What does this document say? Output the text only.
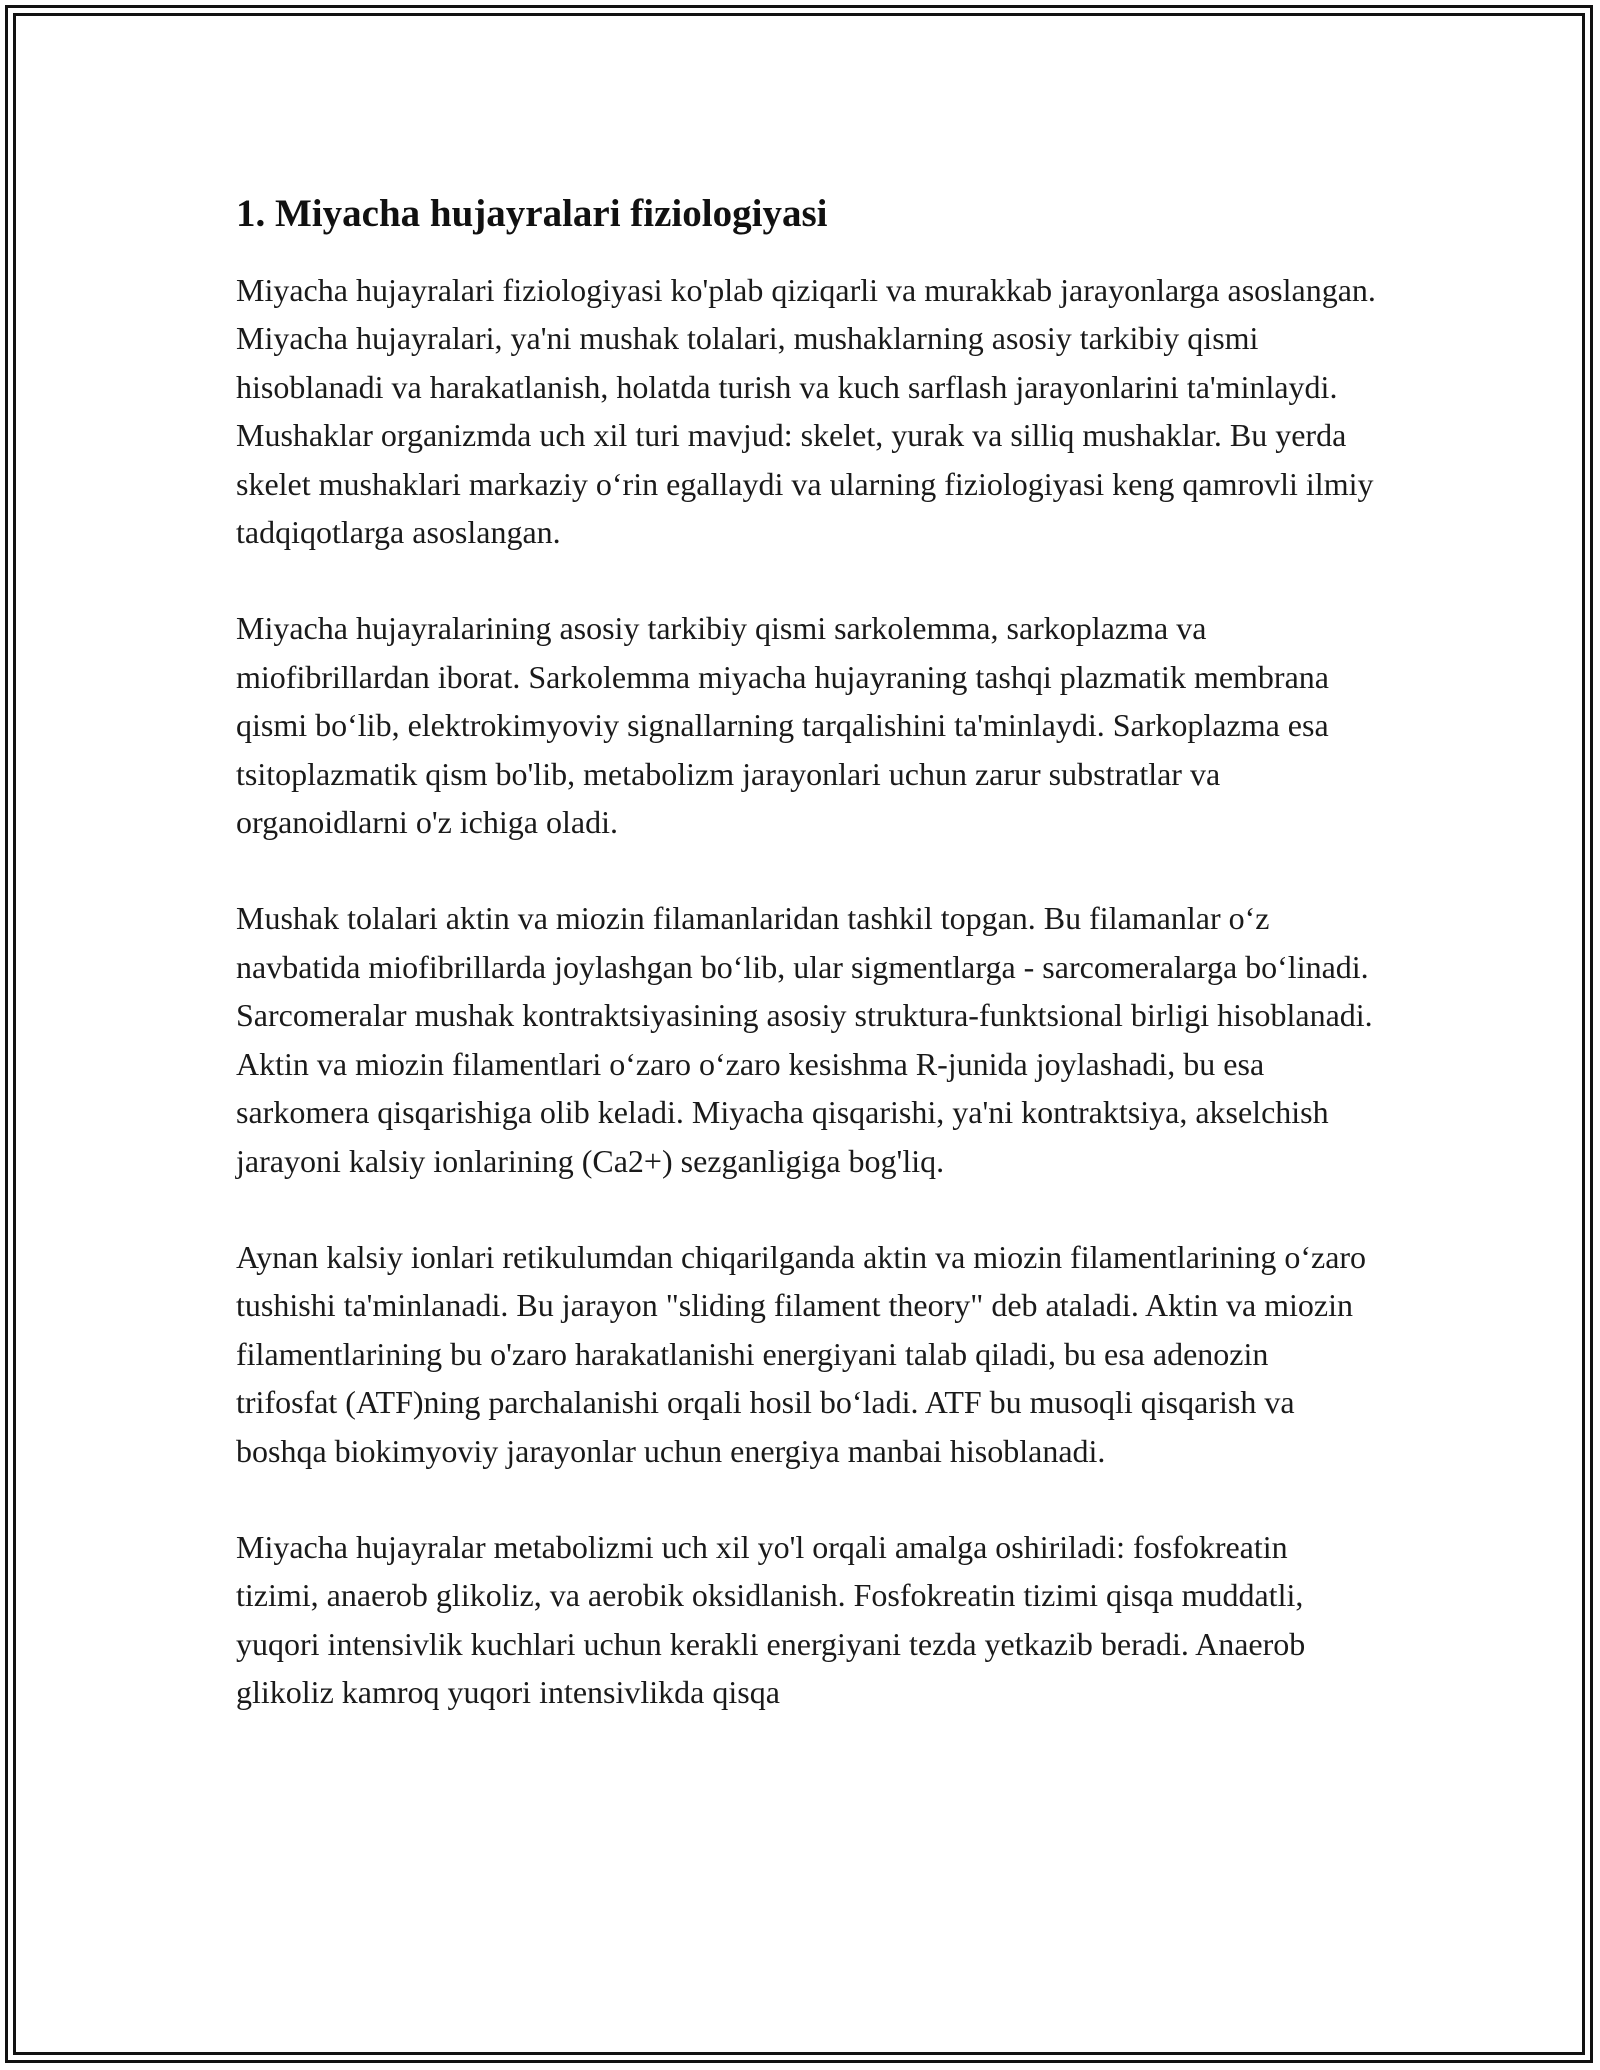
1. Miyacha hujayralari fiziologiyasi

Miyacha hujayralari fiziologiyasi ko'plab qiziqarli va murakkab jarayonlarga asoslangan. Miyacha hujayralari, ya'ni mushak tolalari, mushaklarning asosiy tarkibiy qismi hisoblanadi va harakatlanish, holatda turish va kuch sarflash jarayonlarini ta'minlaydi. Mushaklar organizmda uch xil turi mavjud: skelet, yurak va silliq mushaklar. Bu yerda skelet mushaklari markaziy o‘rin egallaydi va ularning fiziologiyasi keng qamrovli ilmiy tadqiqotlarga asoslangan.

Miyacha hujayralarining asosiy tarkibiy qismi sarkolemma, sarkoplazma va miofibrillardan iborat. Sarkolemma miyacha hujayraning tashqi plazmatik membrana qismi bo‘lib, elektrokimyoviy signallarning tarqalishini ta'minlaydi. Sarkoplazma esa tsitoplazmatik qism bo'lib, metabolizm jarayonlari uchun zarur substratlar va organoidlarni o'z ichiga oladi.

Mushak tolalari aktin va miozin filamanlaridan tashkil topgan. Bu filamanlar o‘z navbatida miofibrillarda joylashgan bo‘lib, ular sigmentlarga - sarcomeralarga bo‘linadi. Sarcomeralar mushak kontraktsiyasining asosiy struktura-funktsional birligi hisoblanadi. Aktin va miozin filamentlari o‘zaro o‘zaro kesishma R-junida joylashadi, bu esa sarkomera qisqarishiga olib keladi. Miyacha qisqarishi, ya'ni kontraktsiya, akselchish jarayoni kalsiy ionlarining (Ca2+) sezganligiga bog'liq.

Aynan kalsiy ionlari retikulumdan chiqarilganda aktin va miozin filamentlarining o‘zaro tushishi ta'minlanadi. Bu jarayon "sliding filament theory" deb ataladi. Aktin va miozin filamentlarining bu o'zaro harakatlanishi energiyani talab qiladi, bu esa adenozin trifosfat (ATF)ning parchalanishi orqali hosil bo‘ladi. ATF bu musoqli qisqarish va boshqa biokimyoviy jarayonlar uchun energiya manbai hisoblanadi.

Miyacha hujayralar metabolizmi uch xil yo'l orqali amalga oshiriladi: fosfokreatin tizimi, anaerob glikoliz, va aerobik oksidlanish. Fosfokreatin tizimi qisqa muddatli, yuqori intensivlik kuchlari uchun kerakli energiyani tezda yetkazib beradi. Anaerob glikoliz kamroq yuqori intensivlikda qisqa
